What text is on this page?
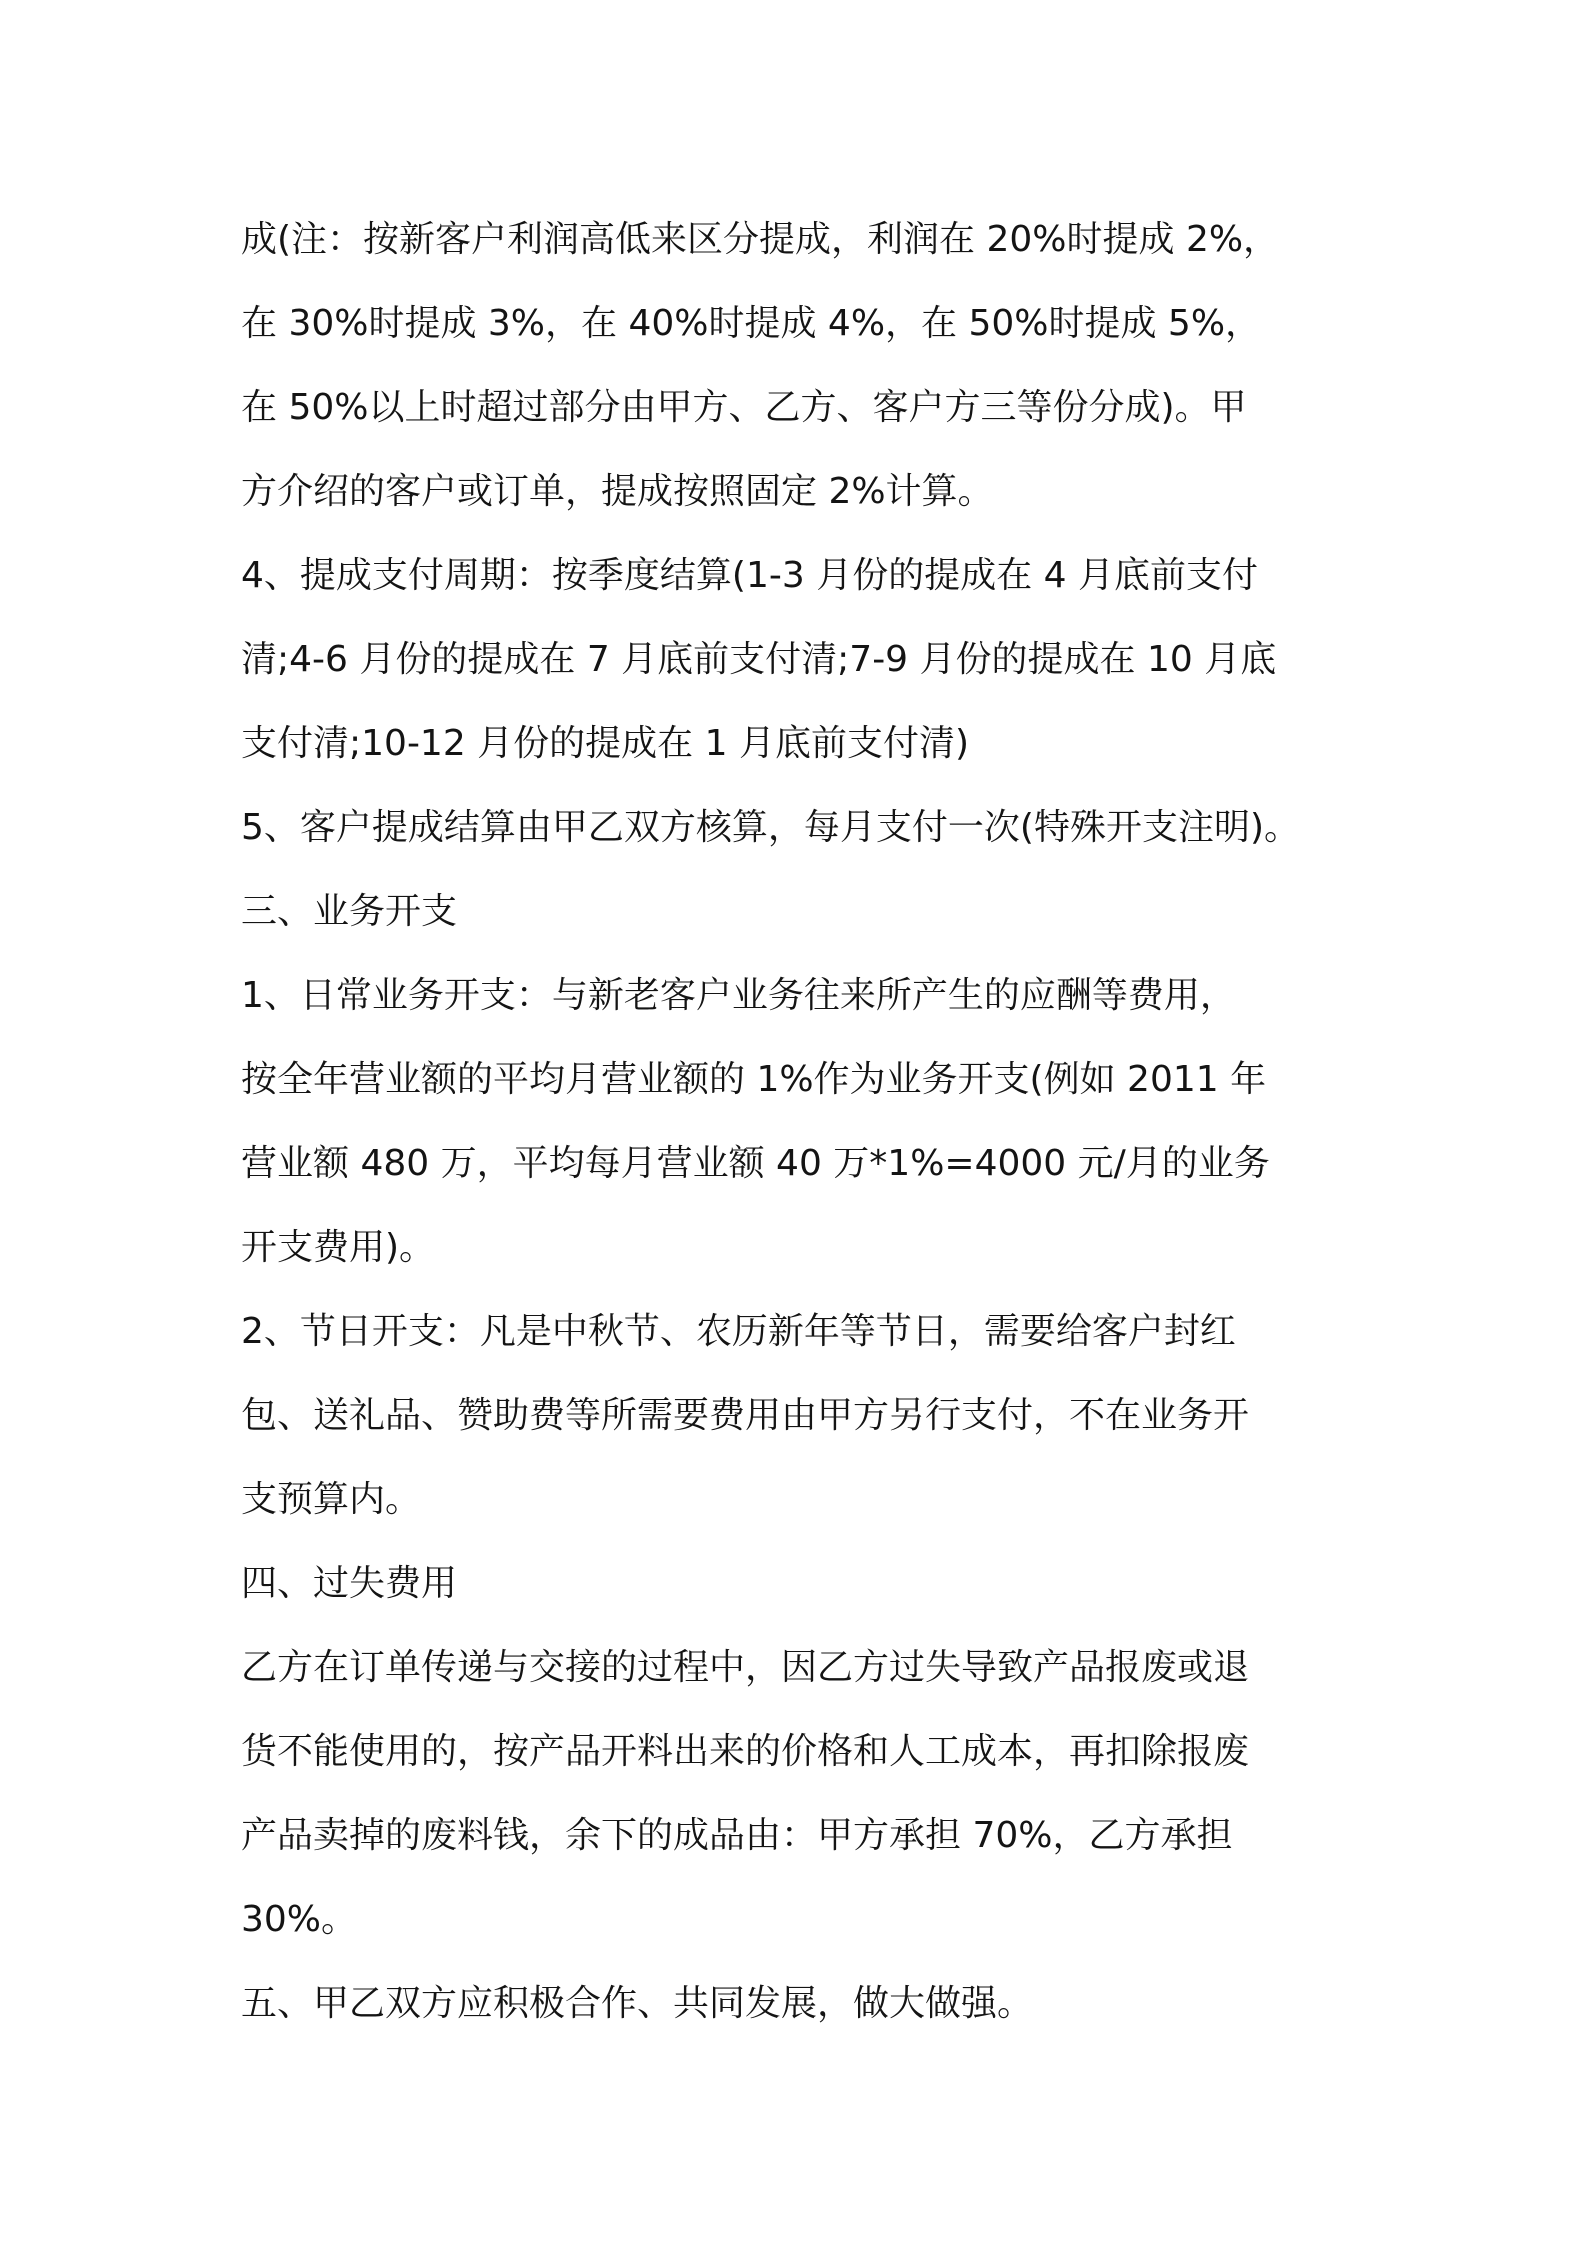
成(注：按新客户利润高低来区分提成，利润在 20%时提成 2%，
在 30%时提成 3%，在 40%时提成 4%，在 50%时提成 5%，
在 50%以上时超过部分由甲方、乙方、客户方三等份分成)。甲
方介绍的客户或订单，提成按照固定 2%计算。
4、提成支付周期：按季度结算(1-3 月份的提成在 4 月底前支付
清;4-6 月份的提成在 7 月底前支付清;7-9 月份的提成在 10 月底
支付清;10-12 月份的提成在 1 月底前支付清)
5、客户提成结算由甲乙双方核算，每月支付一次(特殊开支注明)。
三、业务开支
1、日常业务开支：与新老客户业务往来所产生的应酬等费用，
按全年营业额的平均月营业额的 1%作为业务开支(例如 2011 年
营业额 480 万，平均每月营业额 40 万*1%=4000 元/月的业务
开支费用)。
2、节日开支：凡是中秋节、农历新年等节日，需要给客户封红
包、送礼品、赞助费等所需要费用由甲方另行支付，不在业务开
支预算内。
四、过失费用
乙方在订单传递与交接的过程中，因乙方过失导致产品报废或退
货不能使用的，按产品开料出来的价格和人工成本，再扣除报废
产品卖掉的废料钱，余下的成品由：甲方承担 70%，乙方承担
30%。
五、甲乙双方应积极合作、共同发展，做大做强。
